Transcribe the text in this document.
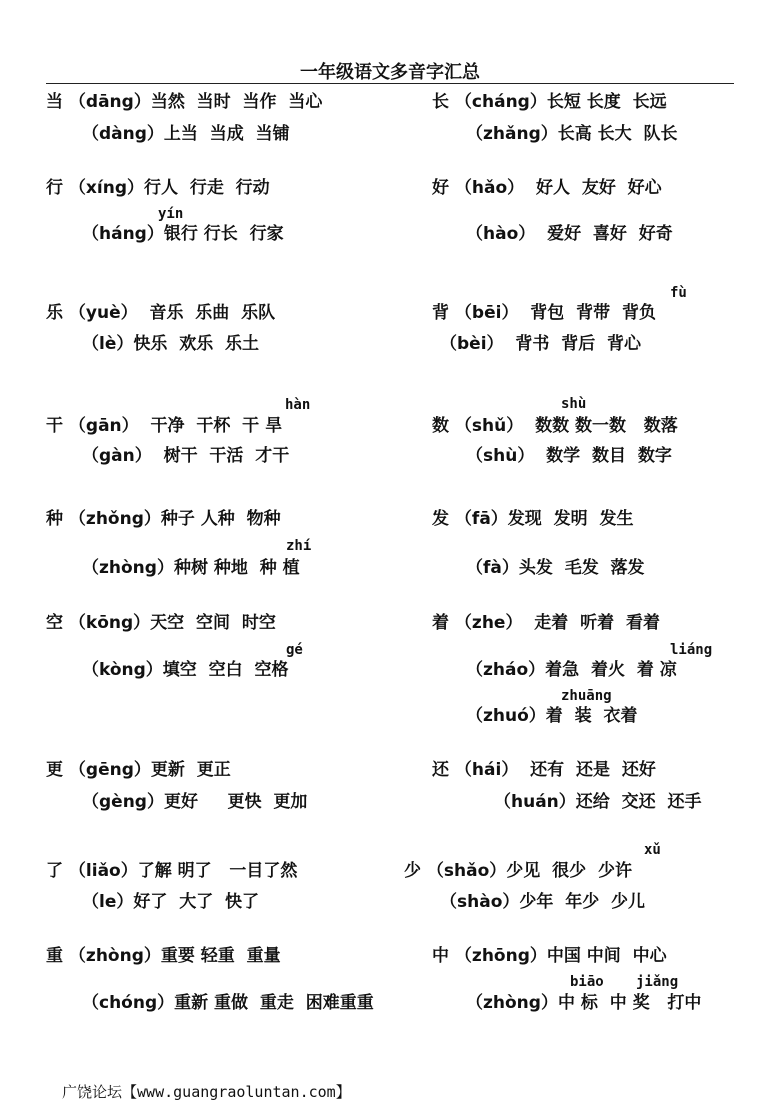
一年级语文多音字汇总
当 （dāng）当然  当时  当作  当心
（dàng）上当  当成  当铺
行 （xíng）行人  行走  行动
（háng）银行 行长  行家
乐 （yuè）  音乐  乐曲  乐队
（lè）快乐  欢乐  乐土
干 （gān）  干净  干杯  干 旱
（gàn）  树干  干活  才干
种 （zhǒng）种子 人种  物种
（zhòng）种树 种地  种 植
空 （kōng）天空  空间  时空
（kòng）填空  空白  空格
更 （gēng）更新  更正
（gèng）更好     更快  更加
了 （liǎo）了解 明了   一目了然
（le）好了  大了  快了
重 （zhòng）重要 轻重  重量
（chóng）重新 重做  重走  困难重重
长 （cháng）长短 长度  长远
（zhǎng）长高 长大  队长
好 （hǎo）  好人  友好  好心
（hào）  爱好  喜好  好奇
背 （bēi）  背包  背带  背负
（bèi）  背书  背后  背心
数 （shǔ）  数数 数一数   数落
（shù）  数学  数目  数字
发 （fā）发现  发明  发生
（fà）头发  毛发  落发
着 （zhe）  走着  听着  看着
（zháo）着急  着火  着 凉
（zhuó）着  装  衣着
还 （hái）  还有  还是  还好
（huán）还给  交还  还手
少 （shǎo）少见  很少  少许
（shào）少年  年少  少儿
中 （zhōng）中国 中间  中心
（zhòng）中 标  中 奖   打中
yín
fù
hàn	shù
zhí
gé	liáng
zhuāng
xǔ
biāo jiǎng
广饶论坛【www.guangraoluntan.com】
